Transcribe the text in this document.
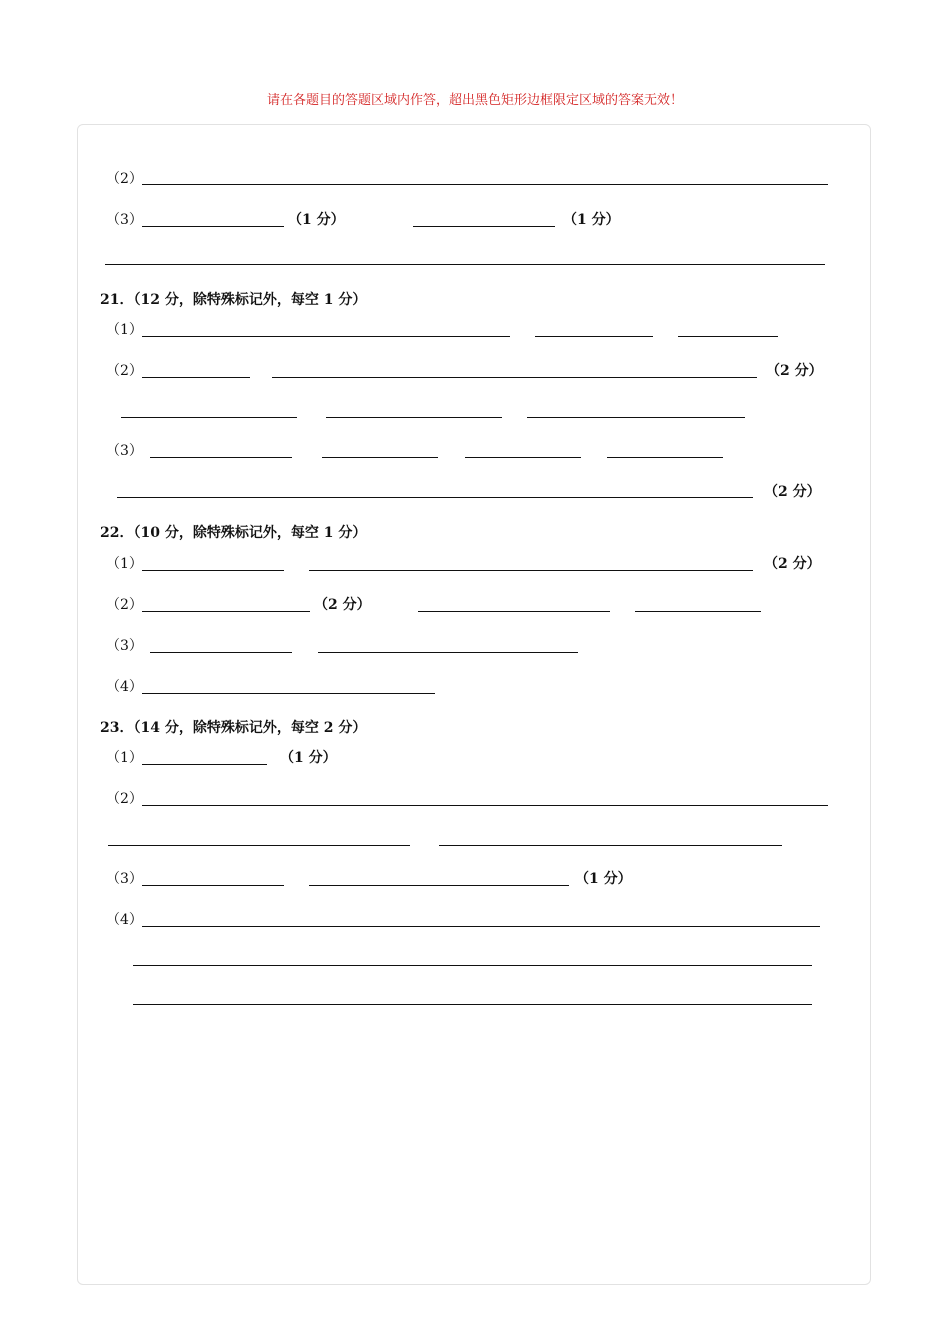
请在各题目的答题区域内作答，超出黑色矩形边框限定区域的答案无效！
（2）
（3）	（1 分）	（1 分）
21．（12 分，除特殊标记外，每空 1 分）
（1）
（2）	（2 分）
（3）
（2 分）
22．（10 分，除特殊标记外，每空 1 分）
（1）	（2 分）
（2）	（2 分）
（3）
（4）
23．（14 分，除特殊标记外，每空 2 分）
（1）	（1 分）
（2）
（3）	（1 分）
（4）
